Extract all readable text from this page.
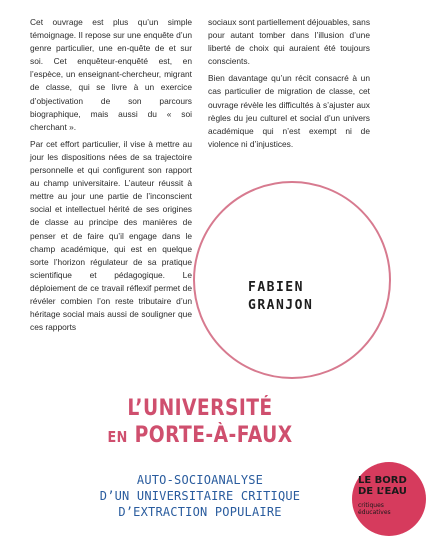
Cet ouvrage est plus qu’un simple témoignage. Il repose sur une enquête d’un genre particulier, une en-quête de et sur soi. Cet enquêteur-enquêté est, en l’espèce, un enseignant-chercheur, migrant de classe, qui se livre à un exercice d’objectivation de son parcours biographique, mais aussi du « soi cherchant ».

Par cet effort particulier, il vise à mettre au jour les dispositions nées de sa trajectoire personnelle et qui configurent son rapport au champ universitaire. L’auteur réussit à mettre au jour une partie de l’inconscient social et intellectuel hérité de ses origines de classe au principe des manières de penser et de faire qu’il engage dans le champ académique, qui est en quelque sorte l’horizon régulateur de sa pratique scientifique et pédagogique. Le déploiement de ce travail réflexif permet de révéler combien l’on reste tributaire d’un héritage social mais aussi de souligner que ces rapports

sociaux sont partiellement déjouables, sans pour autant tomber dans l’illusion d’une liberté de choix qui auraient été toujours conscients.

Bien davantage qu’un récit consacré à un cas particulier de migration de classe, cet ouvrage révèle les difficultés à s’ajuster aux règles du jeu culturel et social d’un univers académique qui n’est exempt ni de violence ni d’injustices.

FABIEN
GRANJON
L’UNIVERSITÉ
EN PORTE-À-FAUX
AUTO-SOCIOANALYSE
D’UN UNIVERSITAIRE CRITIQUE
D’EXTRACTION POPULAIRE
LE BORD
DE L’EAU
critiques
éducatives
